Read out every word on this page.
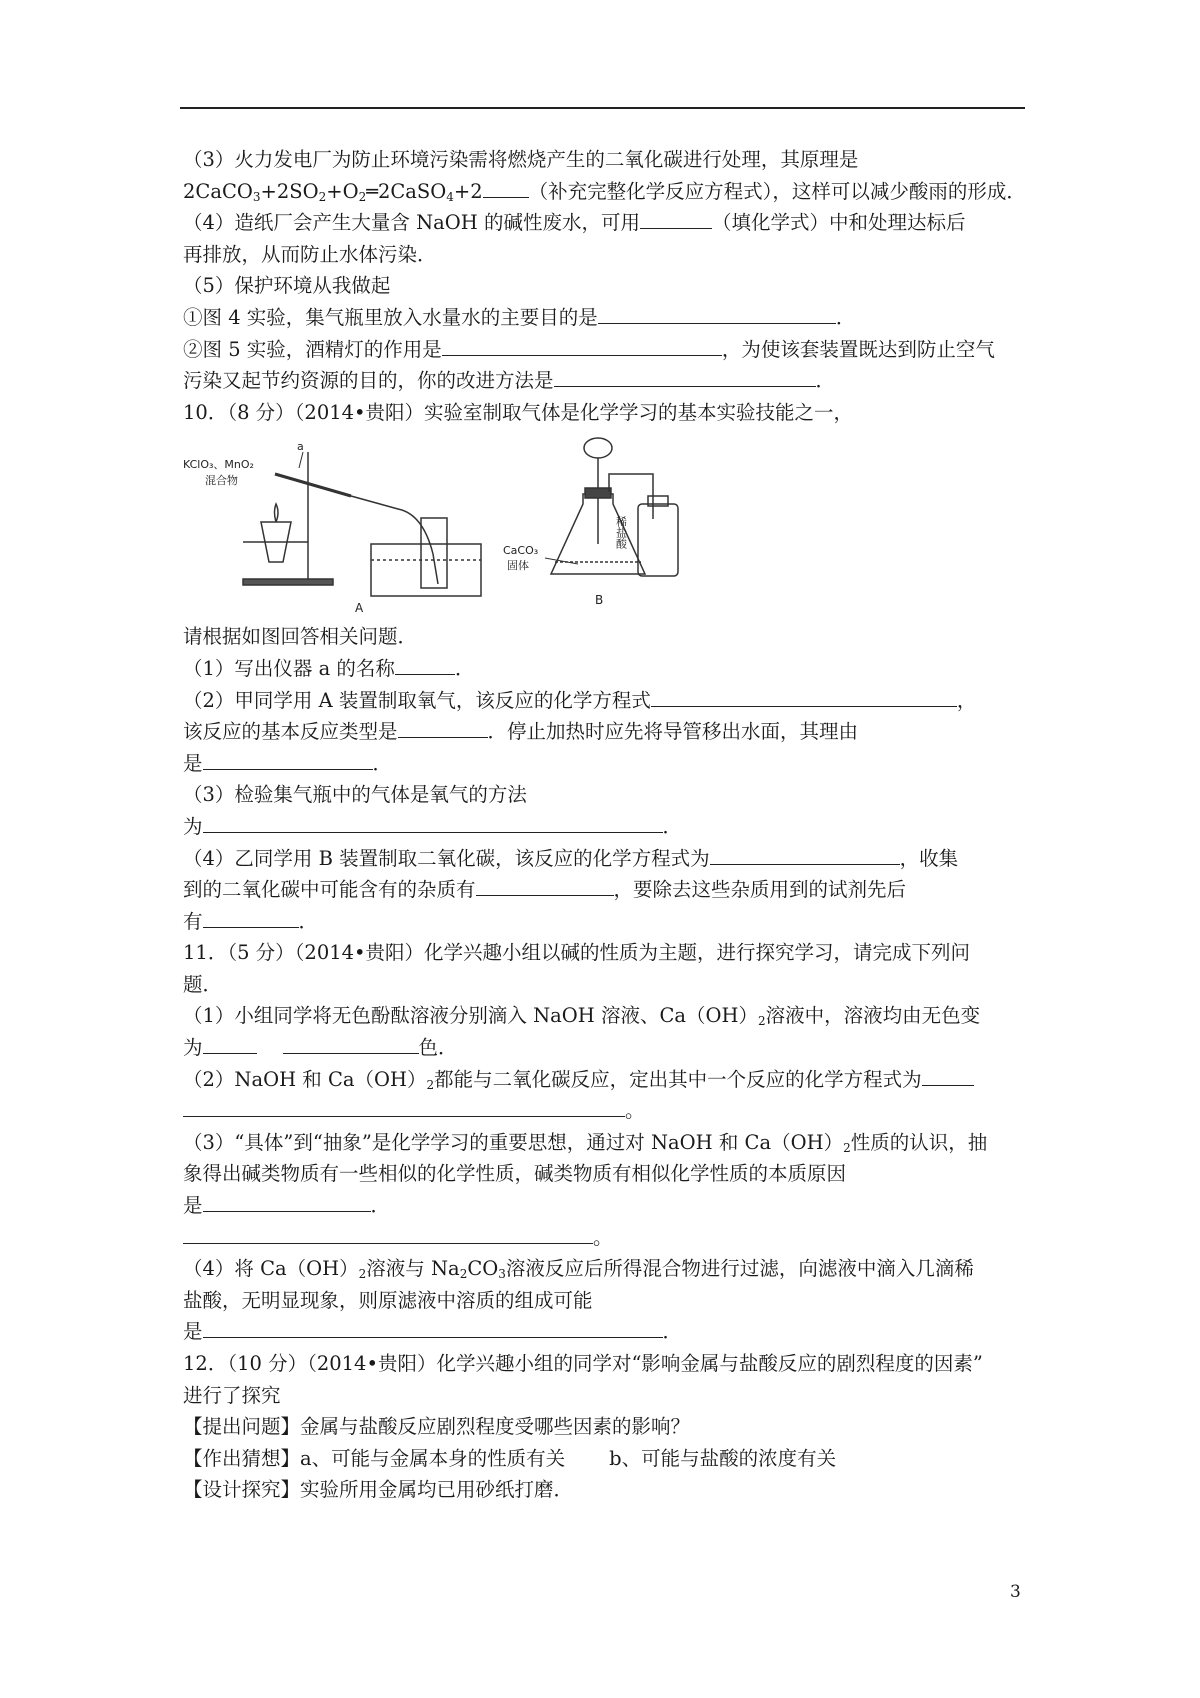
（3）火力发电厂为防止环境污染需将燃烧产生的二氧化碳进行处理，其原理是
$2CaCO_3+2SO_2+O_2═2CaSO_4+2$ （补充完整化学反应方程式），这样可以减少酸雨的形成．
（4）造纸厂会产生大量含 NaOH 的碱性废水，可用	（填化学式）中和处理达标后
再排放，从而防止水体污染．
（5）保护环境从我做起
①图 4 实验，集气瓶里放入水量水的主要目的是	．
②图 5 实验，酒精灯的作用是	，为使该套装置既达到防止空气
污染又起节约资源的目的，你的改进方法是	．
10．（8 分）（2014•贵阳）实验室制取气体是化学学习的基本实验技能之一，
a
KClO₃、MnO₂
混合物
A
稀盐酸
CaCO₃
固体
B
请根据如图回答相关问题．
（1）写出仪器 a 的名称	．
（2）甲同学用 A 装置制取氧气，该反应的化学方程式	，
该反应的基本反应类型是	．停止加热时应先将导管移出水面，其理由
是	．
（3）检验集气瓶中的气体是氧气的方法
为	．
（4）乙同学用 B 装置制取二氧化碳，该反应的化学方程式为	，收集
到的二氧化碳中可能含有的杂质有	，要除去这些杂质用到的试剂先后
有	．
11．（5 分）（2014•贵阳）化学兴趣小组以碱的性质为主题，进行探究学习，请完成下列问
题．
（1）小组同学将无色酚酞溶液分别滴入 NaOH 溶液、$Ca(OH)_2$溶液中，溶液均由无色变
为	色．
（2）NaOH 和 $Ca(OH)_2$都能与二氧化碳反应，定出其中一个反应的化学方程式为
。
（3）“具体”到“抽象”是化学学习的重要思想，通过对 NaOH 和 $Ca(OH)_2$性质的认识，抽
象得出碱类物质有一些相似的化学性质，碱类物质有相似化学性质的本质原因
是	．
。
（4）将 $Ca(OH)_2$溶液与 $Na_2CO_3$溶液反应后所得混合物进行过滤，向滤液中滴入几滴稀
盐酸，无明显现象，则原滤液中溶质的组成可能
是	．
12．（10 分）（2014•贵阳）化学兴趣小组的同学对“影响金属与盐酸反应的剧烈程度的因素”
进行了探究
【提出问题】金属与盐酸反应剧烈程度受哪些因素的影响？
【作出猜想】a、可能与金属本身的性质有关 b、可能与盐酸的浓度有关
【设计探究】实验所用金属均已用砂纸打磨．
3
